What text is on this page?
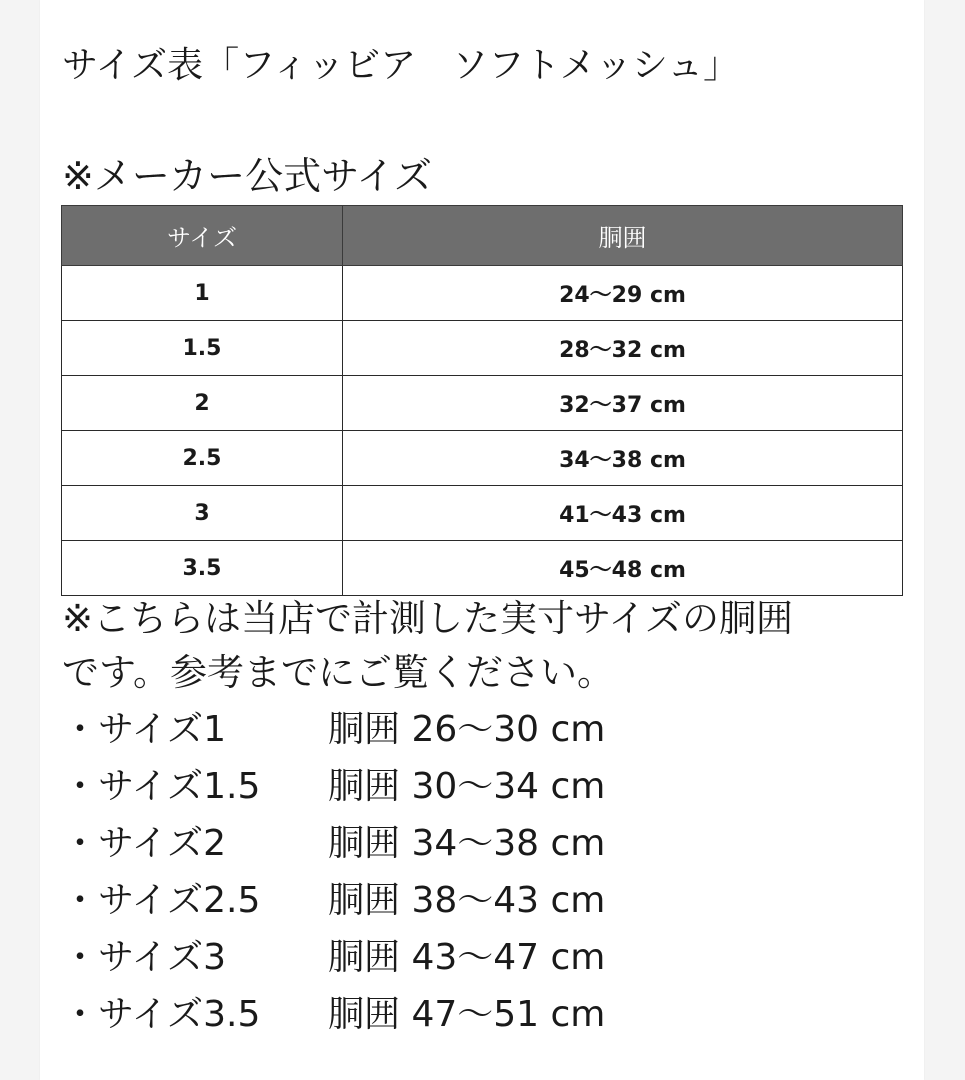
サイズ表「フィッビア　ソフトメッシュ」
※メーカー公式サイズ
サイズ	胴囲
1	24〜29 cm
1.5	28〜32 cm
2	32〜37 cm
2.5	34〜38 cm
3	41〜43 cm
3.5	45〜48 cm
※こちらは当店で計測した実寸サイズの胴囲
です。参考までにご覧ください。
・サイズ1	胴囲 26〜30 cm
・サイズ1.5 胴囲 30〜34 cm
・サイズ2	胴囲 34〜38 cm
・サイズ2.5 胴囲 38〜43 cm
・サイズ3	胴囲 43〜47 cm
・サイズ3.5 胴囲 47〜51 cm
